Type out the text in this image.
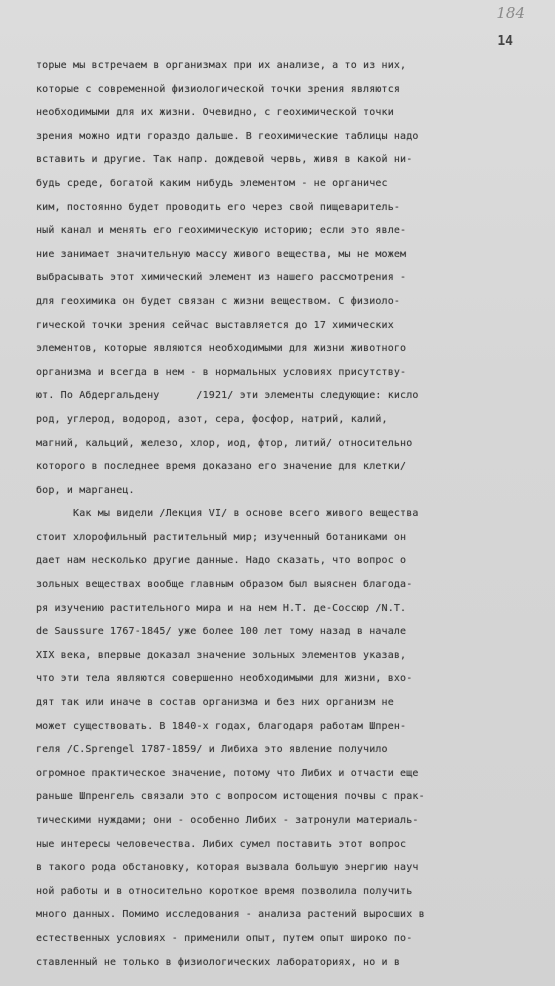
184
14
торые мы встречаем в организмах при их анализе, а то из них,
которые с современной физиологической точки зрения являются
необходимыми для их жизни. Очевидно, с геохимической точки
зрения можно идти гораздо дальше. В геохимические таблицы надо
вставить и другие. Так напр. дождевой червь, живя в какой ни-
будь среде, богатой каким нибудь элементом - не органичес
ким, постоянно будет проводить его через свой пищеваритель-
ный канал и менять его геохимическую историю; если это явле-
ние занимает значительную массу живого вещества, мы не можем
выбрасывать этот химический элемент из нашего рассмотрения -
для геохимика он будет связан с жизни веществом. С физиоло-
гической точки зрения сейчас выставляется до 17 химических
элементов, которые являются необходимыми для жизни животного
организма и всегда в нем - в нормальных условиях присутству-
ют. По Абдергальдену      /1921/ эти элементы следующие: кисло
род, углерод, водород, азот, сера, фосфор, натрий, калий,
магний, кальций, железо, хлор, иод, фтор, литий/ относительно
которого в последнее время доказано его значение для клетки/
бор, и марганец.
Как мы видели /Лекция VI/ в основе всего живого вещества
стоит хлорофильный растительный мир; изученный ботаниками он
дает нам несколько другие данные. Надо сказать, что вопрос о
зольных веществах вообще главным образом был выяснен благода-
ря изучению растительного мира и на нем Н.Т. де-Соссюр /N.T.
de Saussure 1767-1845/ уже более 100 лет тому назад в начале
XIX века, впервые доказал значение зольных элементов указав,
что эти тела являются совершенно необходимыми для жизни, вхо-
дят так или иначе в состав организма и без них организм не
может существовать. В 1840-х годах, благодаря работам Шпрен-
геля /C.Sprengel 1787-1859/ и Либиха это явление получило
огромное практическое значение, потому что Либих и отчасти еще
раньше Шпренгель связали это с вопросом истощения почвы с прак-
тическими нуждами; они - особенно Либих - затронули материаль-
ные интересы человечества. Либих сумел поставить этот вопрос
в такого рода обстановку, которая вызвала большую энергию науч
ной работы и в относительно короткое время позволила получить
много данных. Помимо исследования - анализа растений выросших в
естественных условиях - применили опыт, путем опыт широко по-
ставленный не только в физиологических лабораториях, но и в
